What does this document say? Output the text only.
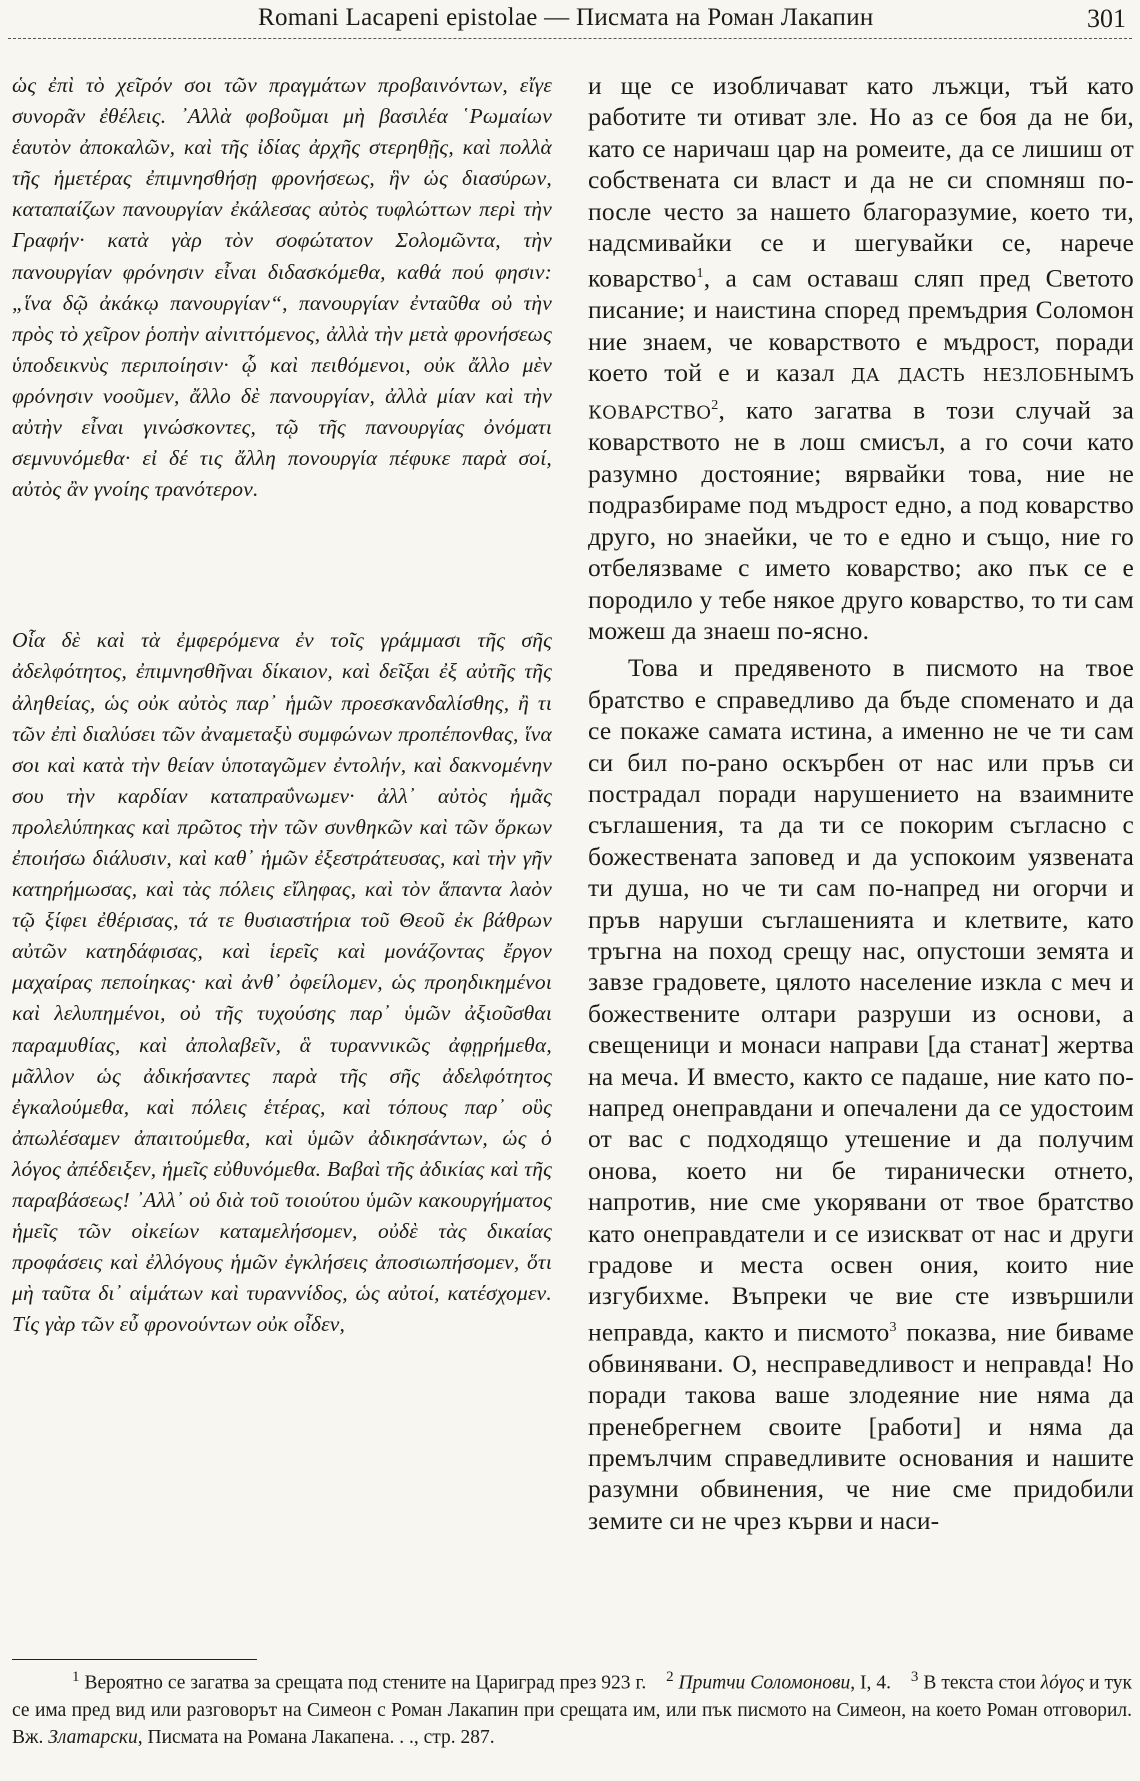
Romani Lacapeni epistolae — Писмата на Роман Лакапин	301

ὡς ἐπὶ τὸ χεῖρόν σοι τῶν πραγμάτων προβαινόντων, εἴγε συνορᾶν ἐθέλεις. ᾿Αλλὰ φοβοῦμαι μὴ βασιλέα ῾Ρωμαίων ἑαυτὸν ἀποκαλῶν, καὶ τῆς ἰδίας ἀρχῆς στερηθῇς, καὶ πολλὰ τῆς ἡμετέρας ἐπιμνησθήσῃ φρονήσεως, ἣν ὡς διασύρων, καταπαίζων πανουργίαν ἐκάλεσας αὐτὸς τυφλώττων περὶ τὴν Γραφήν· κατὰ γὰρ τὸν σοφώτατον Σολομῶντα, τὴν πανουργίαν φρόνησιν εἶναι διδασκόμεθα, καθά πού φησιν: „ἵνα δῷ ἀκάκῳ πανουργίαν“, πανουργίαν ἐνταῦθα οὐ τὴν πρὸς τὸ χεῖρον ῥοπὴν αἰνιττόμενος, ἀλλὰ τὴν μετὰ φρονήσεως ὑποδεικνὺς περιποίησιν· ᾧ καὶ πειθόμενοι, οὐκ ἄλλο μὲν φρόνησιν νοοῦμεν, ἄλλο δὲ πανουργίαν, ἀλλὰ μίαν καὶ τὴν αὐτὴν εἶναι γινώσκοντες, τῷ τῆς πανουργίας ὀνόματι σεμνυνόμεθα· εἰ δέ τις ἄλλη πονουργία πέφυκε παρὰ σοί, αὐτὸς ἂν γνοίης τρανότερον.

Οἷα δὲ καὶ τὰ ἐμφερόμενα ἐν τοῖς γράμμασι τῆς σῆς ἀδελφότητος, ἐπιμνησθῆναι δίκαιον, καὶ δεῖξαι ἐξ αὐτῆς τῆς ἀληθείας, ὡς οὐκ αὐτὸς παρ᾿ ἡμῶν προεσκανδαλίσθης, ἢ τι τῶν ἐπὶ διαλύσει τῶν ἀναμεταξὺ συμφώνων προπέπονθας, ἵνα σοι καὶ κατὰ τὴν θείαν ὑποταγῶμεν ἐντολήν, καὶ δακνομένην σου τὴν καρδίαν καταπραΰνωμεν· ἀλλ᾿ αὐτὸς ἡμᾶς προλελύπηκας καὶ πρῶτος τὴν τῶν συνθηκῶν καὶ τῶν ὅρκων ἐποιήσω διάλυσιν, καὶ καθ᾿ ἡμῶν ἐξεστράτευσας, καὶ τὴν γῆν κατηρήμωσας, καὶ τὰς πόλεις εἴληφας, καὶ τὸν ἅπαντα λαὸν τῷ ξίφει ἐθέρισας, τά τε θυσιαστήρια τοῦ Θεοῦ ἐκ βάθρων αὐτῶν κατηδάφισας, καὶ ἱερεῖς καὶ μονάζοντας ἔργον μαχαίρας πεποίηκας· καὶ ἀνθ᾿ ὀφείλομεν, ὡς προηδικημένοι καὶ λελυπημένοι, οὐ τῆς τυχούσης παρ᾿ ὑμῶν ἀξιοῦσθαι παραμυθίας, καὶ ἀπολαβεῖν, ἃ τυραννικῶς ἀφῃρήμεθα, μᾶλλον ὡς ἀδικήσαντες παρὰ τῆς σῆς ἀδελφότητος ἐγκαλούμεθα, καὶ πόλεις ἑτέρας, καὶ τόπους παρ᾿ οὓς ἀπωλέσαμεν ἀπαιτούμεθα, καὶ ὑμῶν ἀδικησάντων, ὡς ὁ λόγος ἀπέδειξεν, ἡμεῖς εὐθυνόμεθα. Βαβαὶ τῆς ἀδικίας καὶ τῆς παραβάσεως! ᾿Αλλ᾿ οὐ διὰ τοῦ τοιούτου ὑμῶν κακουργήματος ἡμεῖς τῶν οἰκείων καταμελήσομεν, οὐδὲ τὰς δικαίας προφάσεις καὶ ἐλλόγους ἡμῶν ἐγκλήσεις ἀποσιωπήσομεν, ὅτι μὴ ταῦτα δι᾿ αἱμάτων καὶ τυραννίδος, ὡς αὐτοί, κατέσχομεν. Τίς γὰρ τῶν εὖ φρονούντων οὐκ οἶδεν,

и ще се изобличават като лъжци, тъй като работите ти отиват зле. Но аз се боя да не би, като се наричаш цар на ромеите, да се лишиш от собствената си власт и да не си спомняш по-после често за нашето благоразумие, което ти, надсмивайки се и шегувайки се, нарече коварство$^1$, а сам оставаш сляп пред Светото писание; и наистина според премъдрия Соломон ние знаем, че коварството е мъдрост, поради което той е и казал да дасть незлобнымъ коварство$^2$, като загатва в този случай за коварството не в лош смисъл, а го сочи като разумно достояние; вярвайки това, ние не подразбираме под мъдрост едно, а под коварство друго, но знаейки, че то е едно и също, ние го отбелязваме с името коварство; ако пък се е породило у тебе някое друго коварство, то ти сам можеш да знаеш по-ясно.

Това и предявеното в писмото на твое братство е справедливо да бъде споменато и да се покаже самата истина, а именно не че ти сам си бил по-рано оскърбен от нас или пръв си пострадал поради нарушението на взаимните съглашения, та да ти се покорим съгласно с божествената заповед и да успокоим уязвената ти душа, но че ти сам по-напред ни огорчи и пръв наруши съглашенията и клетвите, като тръгна на поход срещу нас, опустоши земята и завзе градовете, цялото население изкла с меч и божествените олтари разруши из основи, а свещеници и монаси направи [да станат] жертва на меча. И вместо, както се падаше, ние като по-напред онеправдани и опечалени да се удостоим от вас с подходящо утешение и да получим онова, което ни бе тиранически отнето, напротив, ние сме укорявани от твое братство като онеправдатели и се изискват от нас и други градове и места освен ония, които ние изгубихме. Въпреки че вие сте извършили неправда, както и писмото$^3$ показва, ние биваме обвинявани. О, несправедливост и неправда! Но поради такова ваше злодеяние ние няма да пренебрегнем своите [работи] и няма да премълчим справедливите основания и нашите разумни обвинения, че ние сме придобили земите си не чрез кърви и наси-

$^1$ Вероятно се загатва за срещата под стените на Цариград през 923 г. $^2$ Притчи Соломонови, I, 4. $^3$ В текста стои λόγος и тук се има пред вид или разговорът на Симеон с Роман Лакапин при срещата им, или пък писмото на Симеон, на което Роман отговорил. Вж. Златарски, Писмата на Романа Лакапена. . ., стр. 287.
